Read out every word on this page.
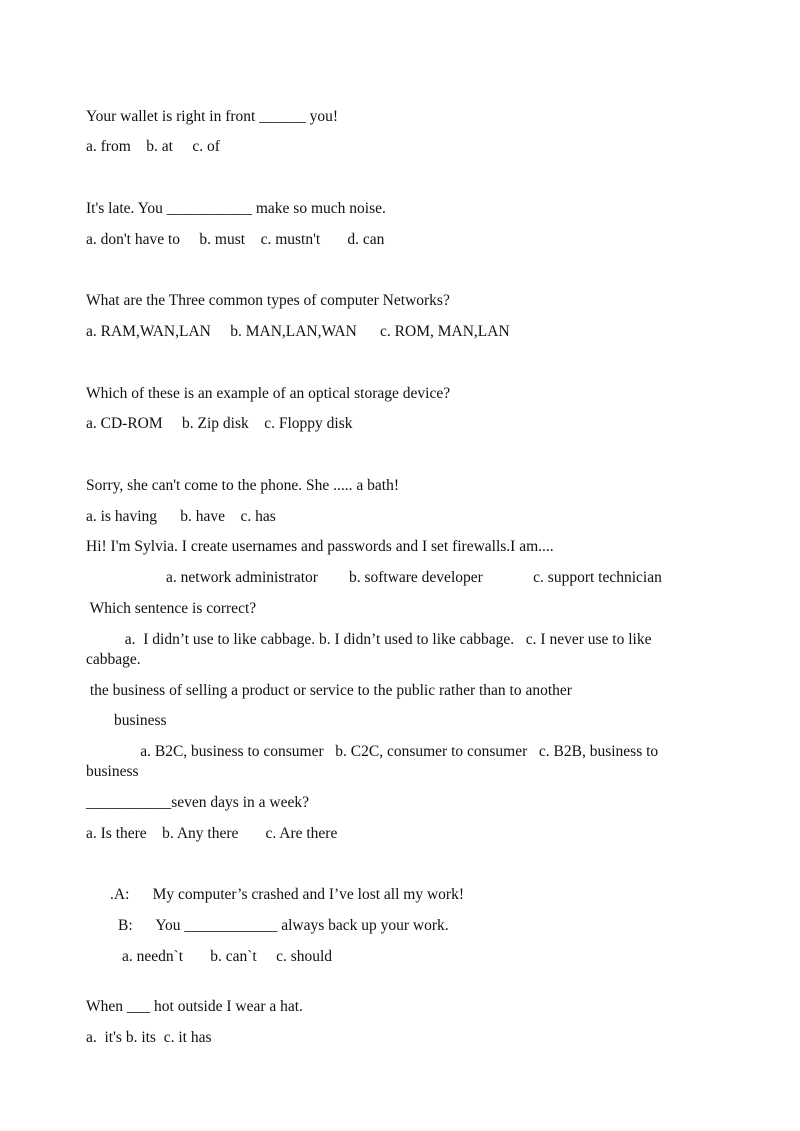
Your wallet is right in front ______ you!
a. from    b. at     c. of
It's late. You ___________ make so much noise.
a. don't have to     b. must    c. mustn't       d. can
What are the Three common types of computer Networks?
a. RAM,WAN,LAN     b. MAN,LAN,WAN      c. ROM, MAN,LAN
Which of these is an example of an optical storage device?
a. CD-ROM     b. Zip disk    c. Floppy disk
Sorry, she can't come to the phone. She ..... a bath!
a. is having      b. have    c. has
Hi! I'm Sylvia. I create usernames and passwords and I set firewalls.I am....
a. network administrator        b. software developer             c. support technician
Which sentence is correct?
a.  I didn’t use to like cabbage. b. I didn’t used to like cabbage.   c. I never use to like cabbage.
the business of selling a product or service to the public rather than to another
business
a. B2C, business to consumer   b. C2C, consumer to consumer   c. B2B, business to business
___________seven days in a week?
a. Is there    b. Any there       c. Are there
.A:      My computer’s crashed and I’ve lost all my work!
B:      You ____________ always back up your work.
a. needn`t       b. can`t     c. should
When ___ hot outside I wear a hat.
a.  it's b. its  c. it has
